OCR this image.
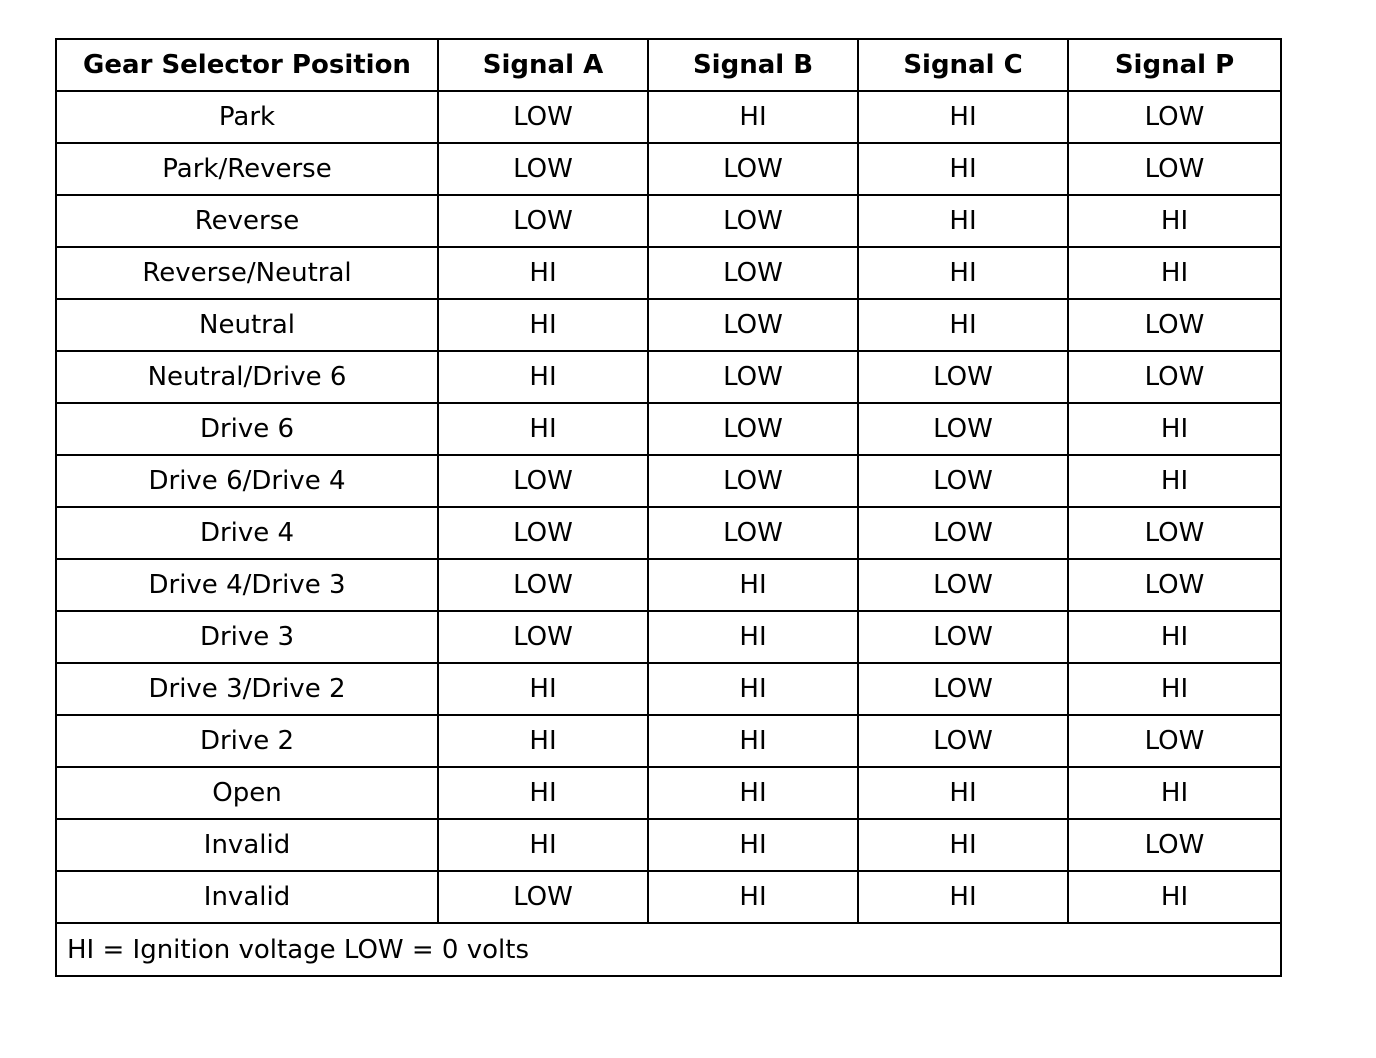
Gear Selector Position	Signal A	Signal B	Signal C	Signal P
Park	LOW	HI	HI	LOW
Park/Reverse	LOW	LOW	HI	LOW
Reverse	LOW	LOW	HI	HI
Reverse/Neutral	HI	LOW	HI	HI
Neutral	HI	LOW	HI	LOW
Neutral/Drive 6	HI	LOW	LOW	LOW
Drive 6	HI	LOW	LOW	HI
Drive 6/Drive 4	LOW	LOW	LOW	HI
Drive 4	LOW	LOW	LOW	LOW
Drive 4/Drive 3	LOW	HI	LOW	LOW
Drive 3	LOW	HI	LOW	HI
Drive 3/Drive 2	HI	HI	LOW	HI
Drive 2	HI	HI	LOW	LOW
Open	HI	HI	HI	HI
Invalid	HI	HI	HI	LOW
Invalid	LOW	HI	HI	HI
HI = Ignition voltage LOW = 0 volts				
